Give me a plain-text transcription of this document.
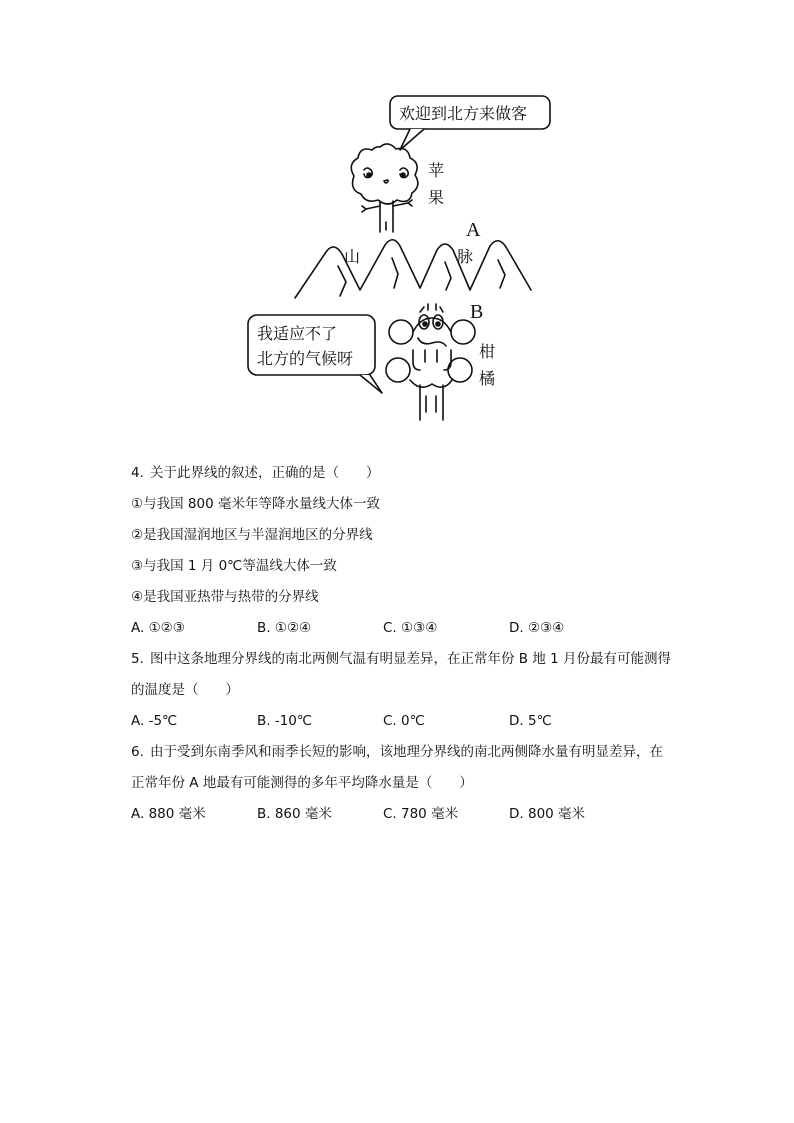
欢迎到北方来做客
苹
果
山	脉
A
B
我适应不了
北方的气候呀	柑
橘
4. 关于此界线的叙述，正确的是（　　）
①与我国 800 毫米年等降水量线大体一致
②是我国湿润地区与半湿润地区的分界线
③与我国 1 月 0℃等温线大体一致
④是我国亚热带与热带的分界线
A. ①②③	B. ①②④	C. ①③④	D. ②③④
5. 图中这条地理分界线的南北两侧气温有明显差异，在正常年份 B 地 1 月份最有可能测得
的温度是（　　）
A. -5℃	B. -10℃	C. 0℃	D. 5℃
6. 由于受到东南季风和雨季长短的影响，该地理分界线的南北两侧降水量有明显差异，在
正常年份 A 地最有可能测得的多年平均降水量是（　　）
A. 880 毫米	B. 860 毫米	C. 780 毫米	D. 800 毫米
